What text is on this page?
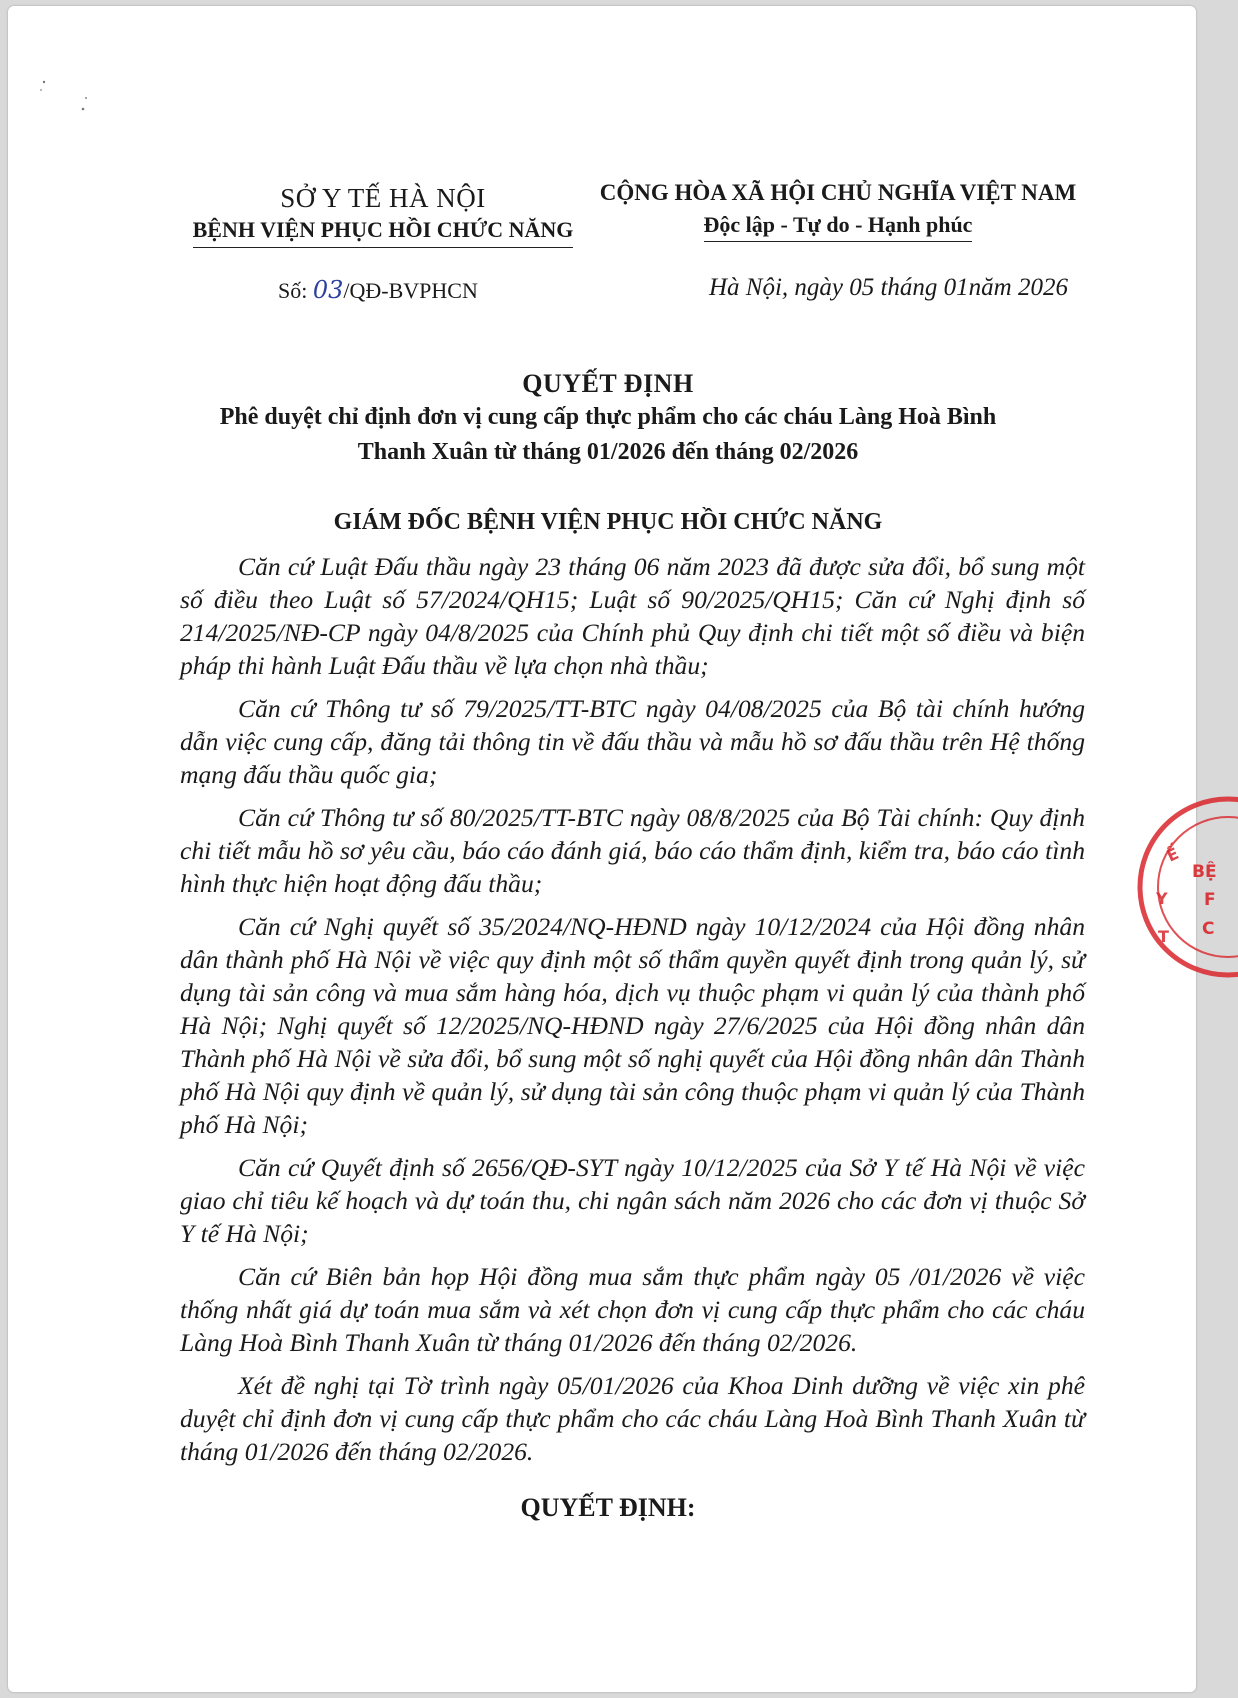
SỞ Y TẾ HÀ NỘI
BỆNH VIỆN PHỤC HỒI CHỨC NĂNG
CỘNG HÒA XÃ HỘI CHỦ NGHĨA VIỆT NAM
Độc lập - Tự do - Hạnh phúc
Số: 03/QĐ-BVPHCN	Hà Nội, ngày 05 tháng 01năm 2026
QUYẾT ĐỊNH
Phê duyệt chỉ định đơn vị cung cấp thực phẩm cho các cháu Làng Hoà Bình
Thanh Xuân từ tháng 01/2026 đến tháng 02/2026
GIÁM ĐỐC BỆNH VIỆN PHỤC HỒI CHỨC NĂNG

Căn cứ Luật Đấu thầu ngày 23 tháng 06 năm 2023 đã được sửa đổi, bổ sung một số điều theo Luật số 57/2024/QH15; Luật số 90/2025/QH15; Căn cứ Nghị định số 214/2025/NĐ-CP ngày 04/8/2025 của Chính phủ Quy định chi tiết một số điều và biện pháp thi hành Luật Đấu thầu về lựa chọn nhà thầu;

Căn cứ Thông tư số 79/2025/TT-BTC ngày 04/08/2025 của Bộ tài chính hướng dẫn việc cung cấp, đăng tải thông tin về đấu thầu và mẫu hồ sơ đấu thầu trên Hệ thống mạng đấu thầu quốc gia;

Căn cứ Thông tư số 80/2025/TT-BTC ngày 08/8/2025 của Bộ Tài chính: Quy định chi tiết mẫu hồ sơ yêu cầu, báo cáo đánh giá, báo cáo thẩm định, kiểm tra, báo cáo tình hình thực hiện hoạt động đấu thầu;

Căn cứ Nghị quyết số 35/2024/NQ-HĐND ngày 10/12/2024 của Hội đồng nhân dân thành phố Hà Nội về việc quy định một số thẩm quyền quyết định trong quản lý, sử dụng tài sản công và mua sắm hàng hóa, dịch vụ thuộc phạm vi quản lý của thành phố Hà Nội; Nghị quyết số 12/2025/NQ-HĐND ngày 27/6/2025 của Hội đồng nhân dân Thành phố Hà Nội về sửa đổi, bổ sung một số nghị quyết của Hội đồng nhân dân Thành phố Hà Nội quy định về quản lý, sử dụng tài sản công thuộc phạm vi quản lý của Thành phố Hà Nội;

Căn cứ Quyết định số 2656/QĐ-SYT ngày 10/12/2025 của Sở Y tế Hà Nội về việc giao chỉ tiêu kế hoạch và dự toán thu, chi ngân sách năm 2026 cho các đơn vị thuộc Sở Y tế Hà Nội;

Căn cứ Biên bản họp Hội đồng mua sắm thực phẩm ngày 05 /01/2026 về việc thống nhất giá dự toán mua sắm và xét chọn đơn vị cung cấp thực phẩm cho các cháu Làng Hoà Bình Thanh Xuân từ tháng 01/2026 đến tháng 02/2026.

Xét đề nghị tại Tờ trình ngày 05/01/2026 của Khoa Dinh dưỡng về việc xin phê duyệt chỉ định đơn vị cung cấp thực phẩm cho các cháu Làng Hoà Bình Thanh Xuân từ tháng 01/2026 đến tháng 02/2026.

QUYẾT ĐỊNH:
Ế
Y
T
BỆ
F
C
